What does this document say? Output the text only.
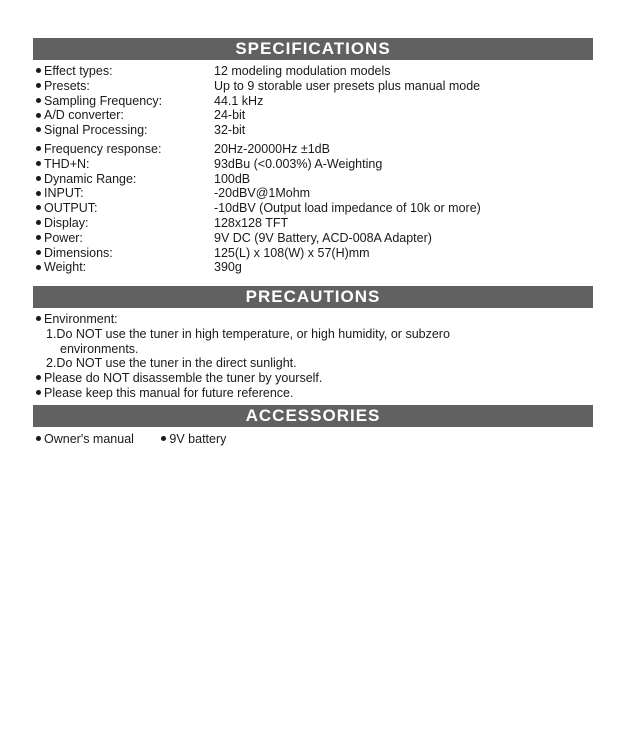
SPECIFICATIONS
Effect types:	12 modeling modulation models
Presets:	Up to 9 storable user presets plus manual mode
Sampling Frequency:	44.1 kHz
A/D converter:	24-bit
Signal Processing:	32-bit
Frequency response:	20Hz-20000Hz ±1dB
THD+N:	93dBu (<0.003%) A-Weighting
Dynamic Range:	100dB
INPUT:	-20dBV@1Mohm
OUTPUT:	-10dBV (Output load impedance of 10k or more)
Display:	128x128 TFT
Power:	9V DC (9V Battery, ACD-008A Adapter)
Dimensions:	125(L) x 108(W) x 57(H)mm
Weight:	390g
PRECAUTIONS
Environment:
1.Do NOT use the tuner in high temperature, or high humidity, or subzero
environments.
2.Do NOT use the tuner in the direct sunlight.
Please do NOT disassemble the tuner by yourself.
Please keep this manual for future reference.
ACCESSORIES
Owner's manual	9V battery
